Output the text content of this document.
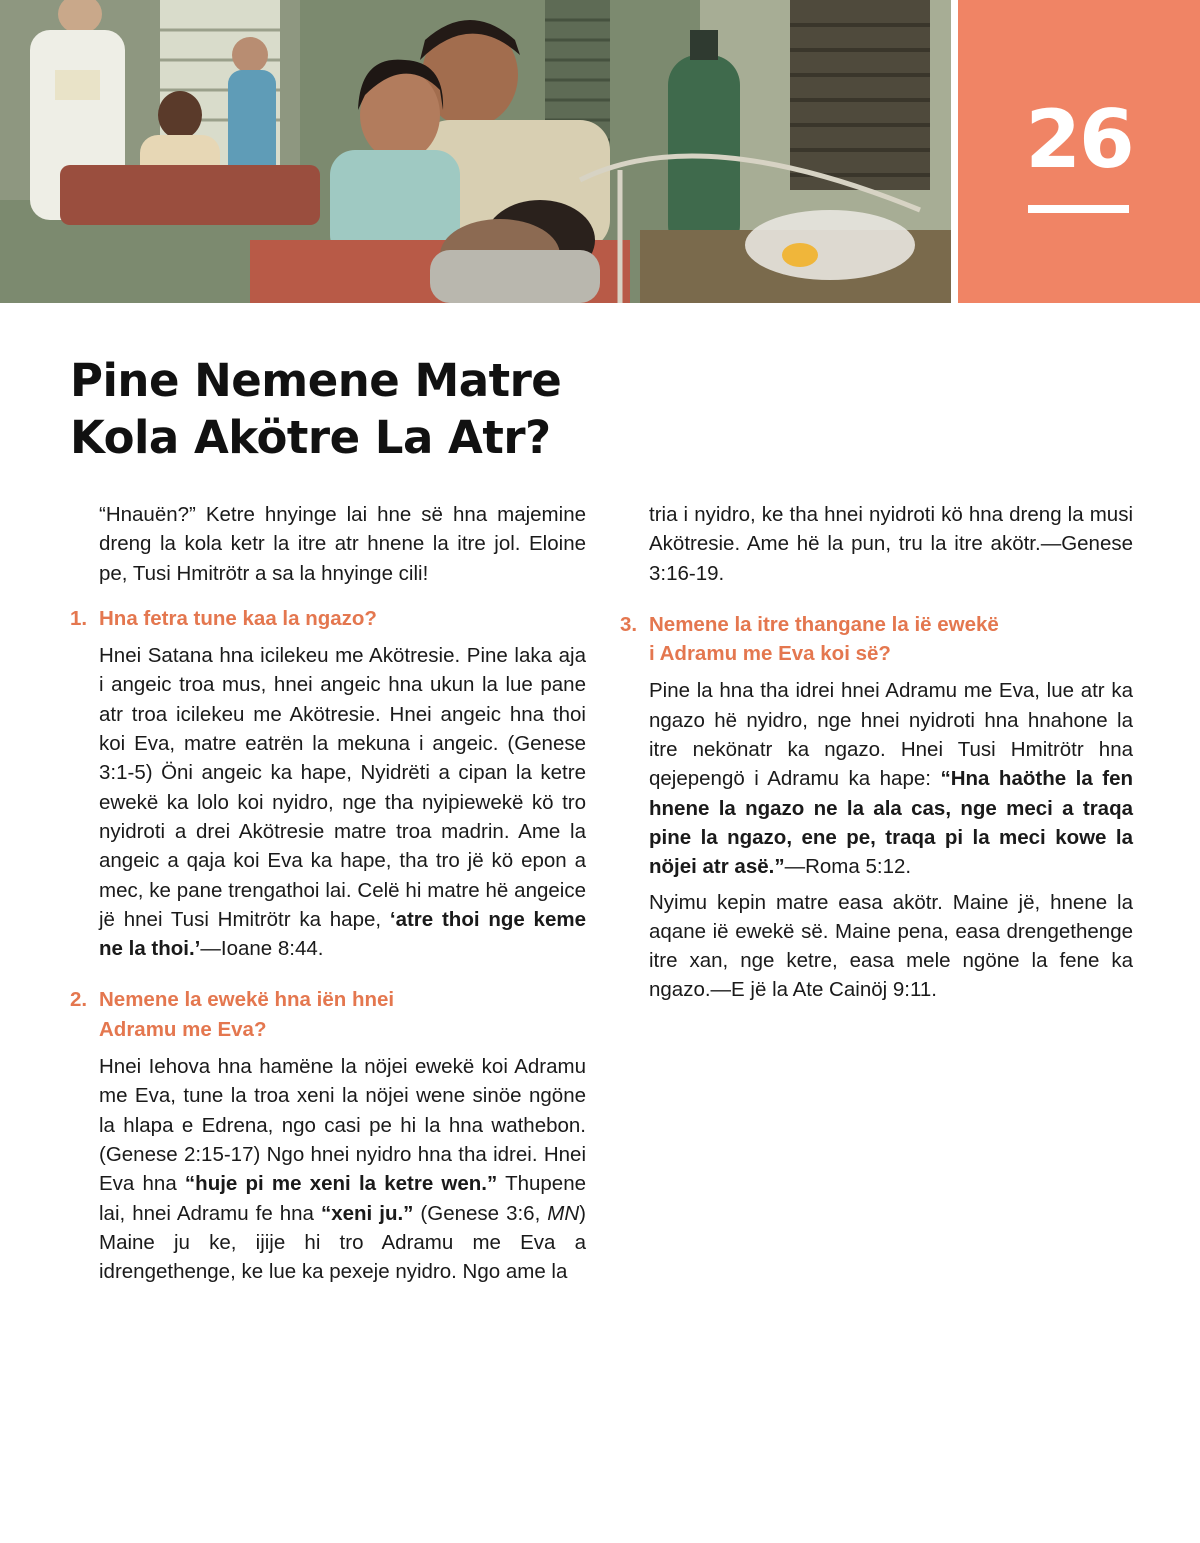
26
Pine Nemene Matre
Kola Akötre La Atr?

“Hnauën?” Ketre hnyinge lai hne së hna majemine dreng la kola ketr la itre atr hnene la itre jol. Eloine pe, Tusi Hmitrötr a sa la hnyinge cili!

1. Hna fetra tune kaa la ngazo?

Hnei Satana hna icilekeu me Akötresie. Pine laka aja i angeic troa mus, hnei angeic hna ukun la lue pane atr troa icilekeu me Akötresie. Hnei angeic hna thoi koi Eva, matre eatrën la mekuna i angeic. (Genese 3:1-5) Öni angeic ka hape, Nyidrëti a cipan la ketre ewekë ka lolo koi nyidro, nge tha nyipiewekë kö tro nyidroti a drei Akötresie matre troa madrin. Ame la angeic a qaja koi Eva ka hape, tha tro jë kö epon a mec, ke pane trengathoi lai. Celë hi matre hë angeice jë hnei Tusi Hmitrötr ka hape, ‘atre thoi nge keme ne la thoi.’—Ioane 8:44.

2. Nemene la ewekë hna iën hnei
Adramu me Eva?

Hnei Iehova hna hamëne la nöjei ewekë koi Adramu me Eva, tune la troa xeni la nöjei wene sinöe ngöne la hlapa e Edrena, ngo casi pe hi la hna wathebon. (Genese 2:15-17) Ngo hnei nyidro hna tha idrei. Hnei Eva hna “huje pi me xeni la ketre wen.” Thupene lai, hnei Adramu fe hna “xeni ju.” (Genese 3:6, MN) Maine ju ke, ijije hi tro Adramu me Eva a idrengethenge, ke lue ka pexeje nyidro. Ngo ame la

tria i nyidro, ke tha hnei nyidroti kö hna dreng la musi Akötresie. Ame hë la pun, tru la itre akötr.—Genese 3:16-19.

3. Nemene la itre thangane la ië ewekë
i Adramu me Eva koi së?

Pine la hna tha idrei hnei Adramu me Eva, lue atr ka ngazo hë nyidro, nge hnei nyidroti hna hnahone la itre nekönatr ka ngazo. Hnei Tusi Hmitrötr hna qejepengö i Adramu ka hape: “Hna haöthe la fen hnene la ngazo ne la ala cas, nge meci a traqa pine la ngazo, ene pe, traqa pi la meci kowe la nöjei atr asë.”—Roma 5:12.

Nyimu kepin matre easa akötr. Maine jë, hnene la aqane ië ewekë së. Maine pena, easa drengethenge itre xan, nge ketre, easa mele ngöne la fene ka ngazo.—E jë la Ate Cainöj 9:11.
